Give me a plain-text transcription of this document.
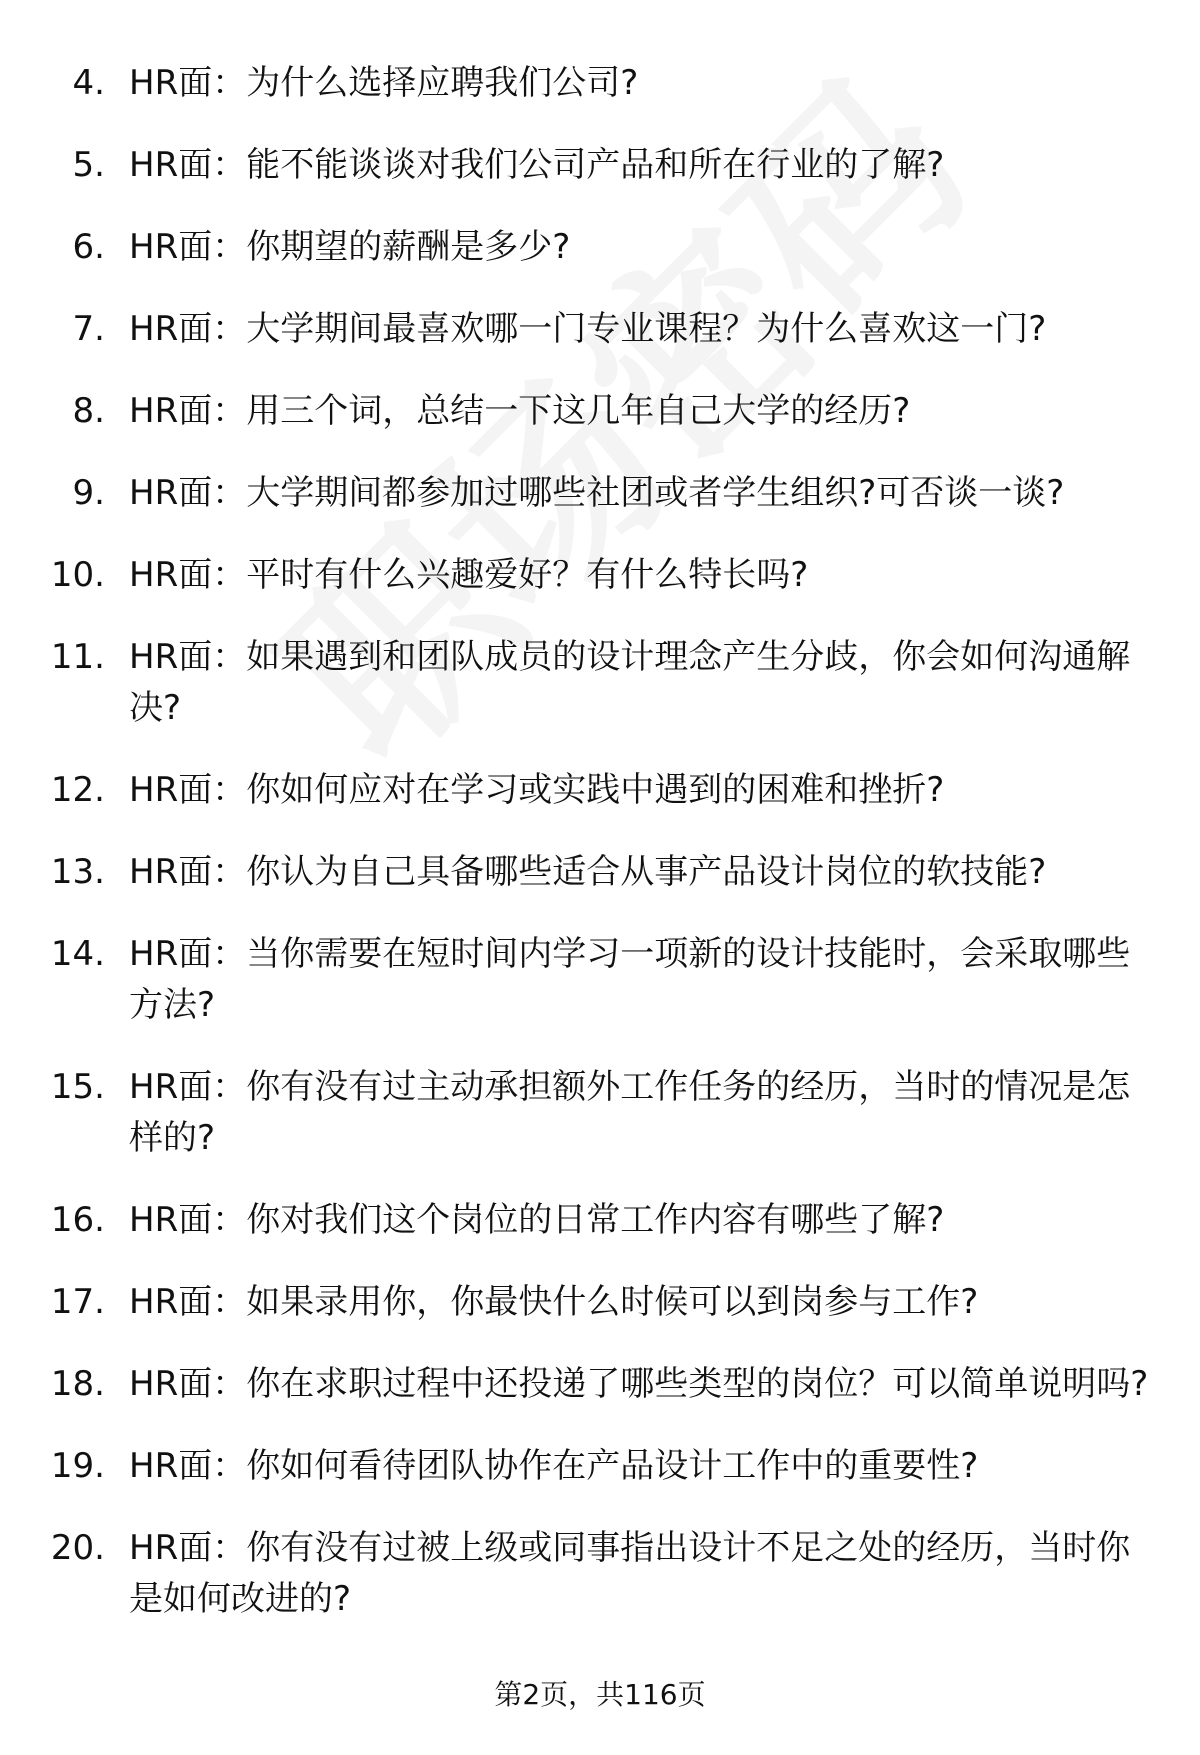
4. HR面：为什么选择应聘我们公司?
5. HR面：能不能谈谈对我们公司产品和所在行业的了解?
6. HR面：你期望的薪酬是多少?
7. HR面：大学期间最喜欢哪一门专业课程？为什么喜欢这一门?
8. HR面：用三个词，总结一下这几年自己大学的经历?
9. HR面：大学期间都参加过哪些社团或者学生组织?可否谈一谈?
10. HR面：平时有什么兴趣爱好？有什么特长吗?
11. HR面：如果遇到和团队成员的设计理念产生分歧，你会如何沟通解决?
12. HR面：你如何应对在学习或实践中遇到的困难和挫折?
13. HR面：你认为自己具备哪些适合从事产品设计岗位的软技能?
14. HR面：当你需要在短时间内学习一项新的设计技能时，会采取哪些方法?
15. HR面：你有没有过主动承担额外工作任务的经历，当时的情况是怎样的?
16. HR面：你对我们这个岗位的日常工作内容有哪些了解?
17. HR面：如果录用你，你最快什么时候可以到岗参与工作?
18. HR面：你在求职过程中还投递了哪些类型的岗位？可以简单说明吗?
19. HR面：你如何看待团队协作在产品设计工作中的重要性?
20. HR面：你有没有过被上级或同事指出设计不足之处的经历，当时你是如何改进的?
第2页，共116页
